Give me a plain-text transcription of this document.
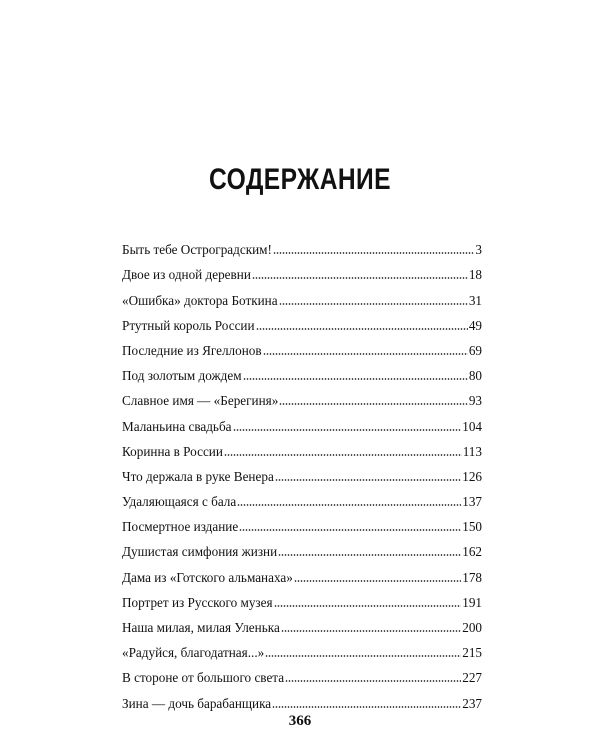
СОДЕРЖАНИЕ
Быть тебе Остроградским!	3
Двое из одной деревни	18
«Ошибка» доктора Боткина	31
Ртутный король России	49
Последние из Ягеллонов	69
Под золотым дождем	80
Славное имя — «Берегиня»	93
Маланьина свадьба	104
Коринна в России	113
Что держала в руке Венера	126
Удаляющаяся с бала	137
Посмертное издание	150
Душистая симфония жизни	162
Дама из «Готского альманаха»	178
Портрет из Русского музея	191
Наша милая, милая Уленька	200
«Радуйся, благодатная...»	215
В стороне от большого света	227
Зина — дочь барабанщика	237
366
